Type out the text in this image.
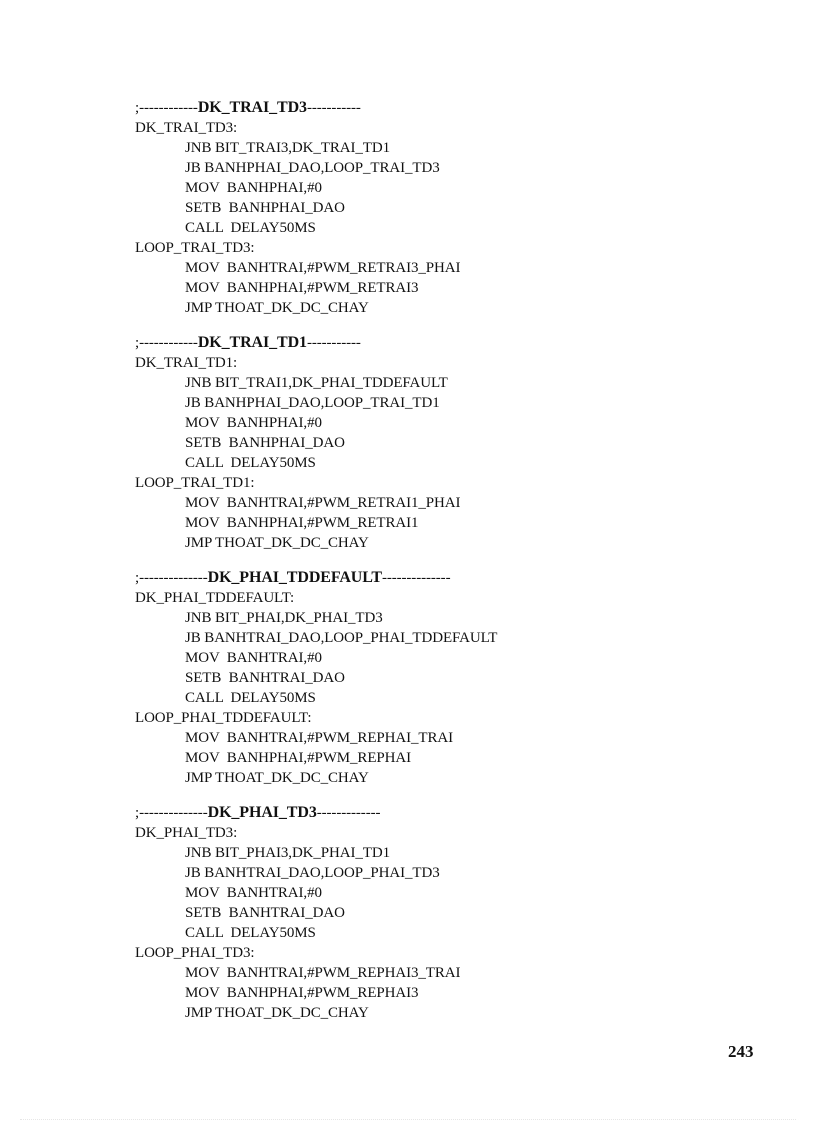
;------------DK_TRAI_TD3-----------
DK_TRAI_TD3:
JNB BIT_TRAI3,DK_TRAI_TD1
JB BANHPHAI_DAO,LOOP_TRAI_TD3
MOV  BANHPHAI,#0
SETB  BANHPHAI_DAO
CALL  DELAY50MS
LOOP_TRAI_TD3:
MOV  BANHTRAI,#PWM_RETRAI3_PHAI
MOV  BANHPHAI,#PWM_RETRAI3
JMP THOAT_DK_DC_CHAY
;------------DK_TRAI_TD1-----------
DK_TRAI_TD1:
JNB BIT_TRAI1,DK_PHAI_TDDEFAULT
JB BANHPHAI_DAO,LOOP_TRAI_TD1
MOV  BANHPHAI,#0
SETB  BANHPHAI_DAO
CALL  DELAY50MS
LOOP_TRAI_TD1:
MOV  BANHTRAI,#PWM_RETRAI1_PHAI
MOV  BANHPHAI,#PWM_RETRAI1
JMP THOAT_DK_DC_CHAY
;--------------DK_PHAI_TDDEFAULT--------------
DK_PHAI_TDDEFAULT:
JNB BIT_PHAI,DK_PHAI_TD3
JB BANHTRAI_DAO,LOOP_PHAI_TDDEFAULT
MOV  BANHTRAI,#0
SETB  BANHTRAI_DAO
CALL  DELAY50MS
LOOP_PHAI_TDDEFAULT:
MOV  BANHTRAI,#PWM_REPHAI_TRAI
MOV  BANHPHAI,#PWM_REPHAI
JMP THOAT_DK_DC_CHAY
;--------------DK_PHAI_TD3-------------
DK_PHAI_TD3:
JNB BIT_PHAI3,DK_PHAI_TD1
JB BANHTRAI_DAO,LOOP_PHAI_TD3
MOV  BANHTRAI,#0
SETB  BANHTRAI_DAO
CALL  DELAY50MS
LOOP_PHAI_TD3:
MOV  BANHTRAI,#PWM_REPHAI3_TRAI
MOV  BANHPHAI,#PWM_REPHAI3
JMP THOAT_DK_DC_CHAY
243
